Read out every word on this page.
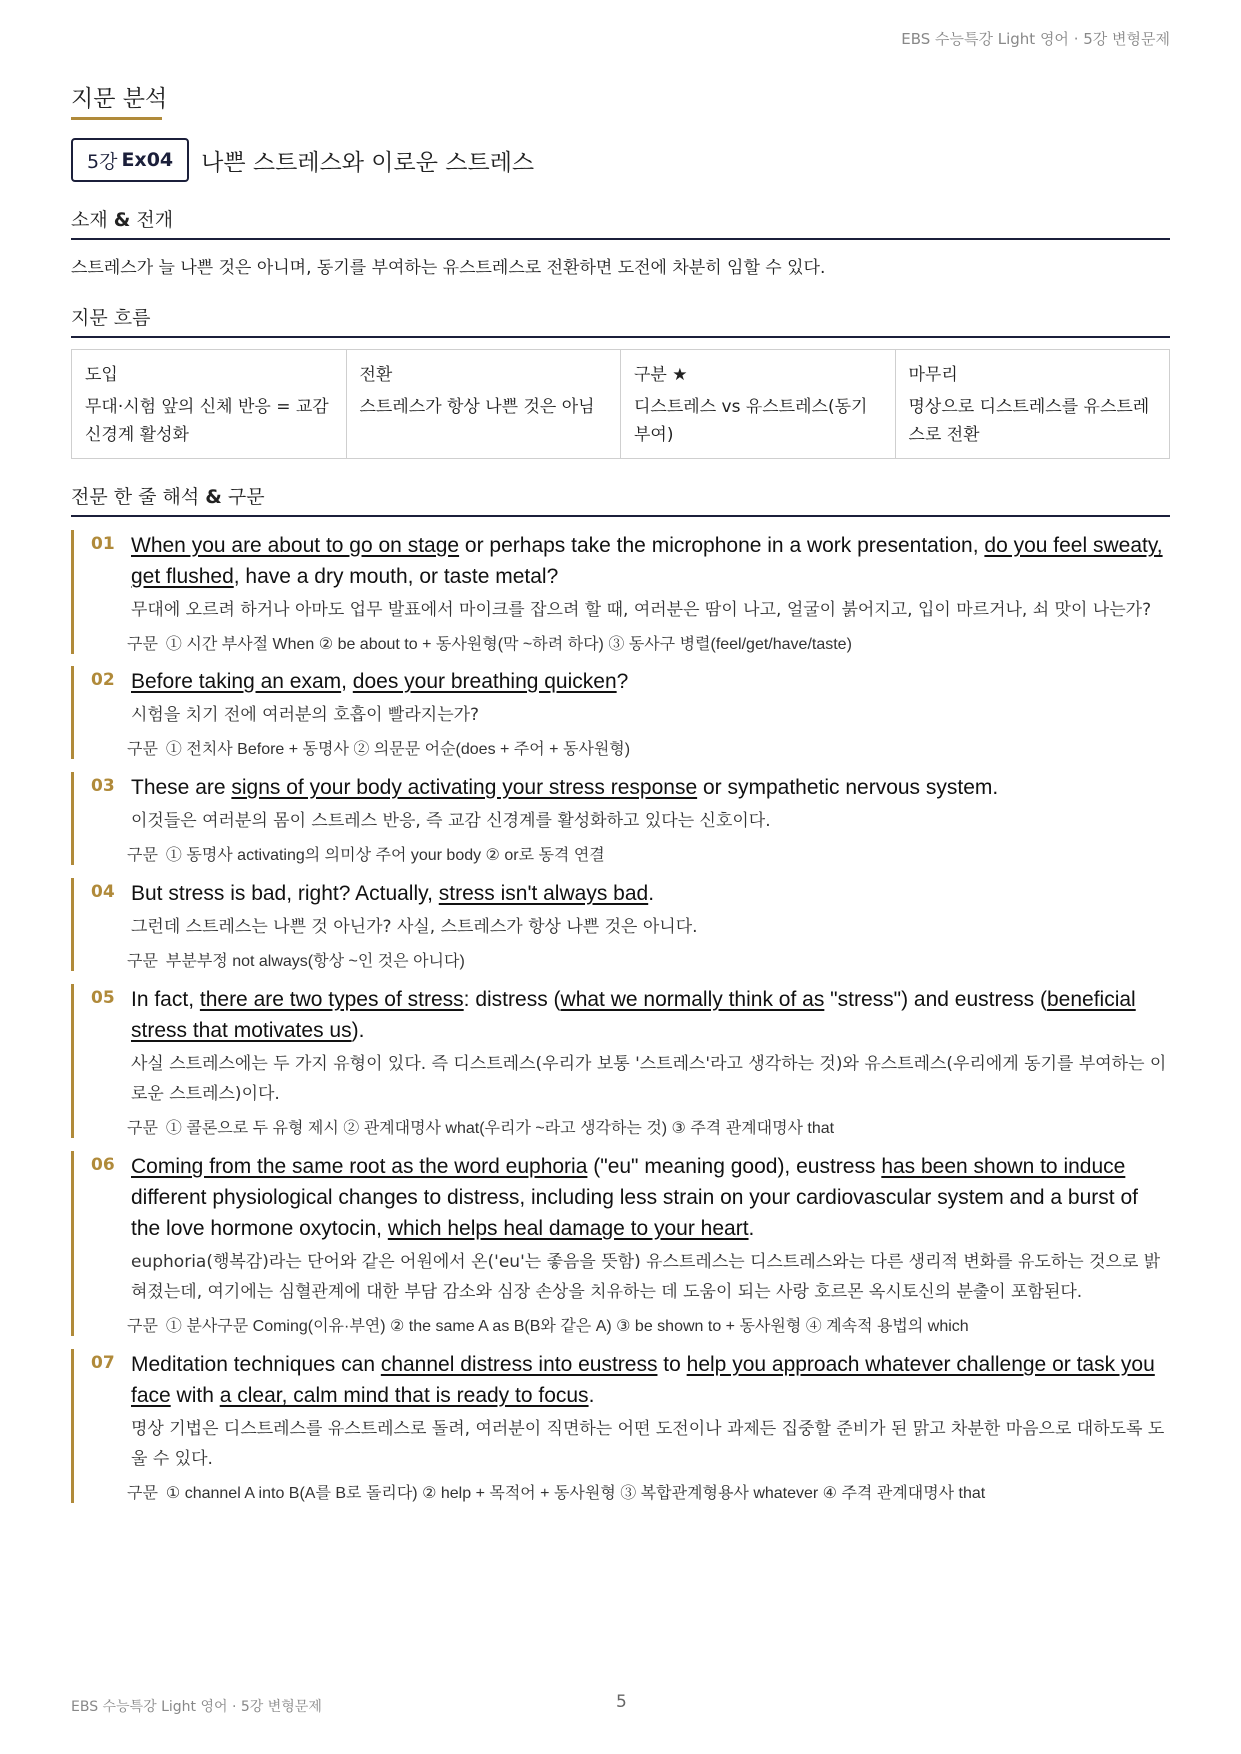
EBS 수능특강 Light 영어 · 5강 변형문제
지문 분석
5강 Ex04 나쁜 스트레스와 이로운 스트레스
소재 & 전개
스트레스가 늘 나쁜 것은 아니며, 동기를 부여하는 유스트레스로 전환하면 도전에 차분히 임할 수 있다.
지문 흐름
도입
무대·시험 앞의 신체 반응 = 교감 신경계 활성화
전환
스트레스가 항상 나쁜 것은 아님
구분 ★
디스트레스 vs 유스트레스(동기 부여)
마무리
명상으로 디스트레스를 유스트레스로 전환
전문 한 줄 해석 & 구문
01 When you are about to go on stage or perhaps take the microphone in a work presentation, do you feel sweaty, get flushed, have a dry mouth, or taste metal?
무대에 오르려 하거나 아마도 업무 발표에서 마이크를 잡으려 할 때, 여러분은 땀이 나고, 얼굴이 붉어지고, 입이 마르거나, 쇠 맛이 나는가?
구문 ① 시간 부사절 When ② be about to + 동사원형(막 ~하려 하다) ③ 동사구 병렬(feel/get/have/taste)
02 Before taking an exam, does your breathing quicken?
시험을 치기 전에 여러분의 호흡이 빨라지는가?
구문 ① 전치사 Before + 동명사 ② 의문문 어순(does + 주어 + 동사원형)
03 These are signs of your body activating your stress response or sympathetic nervous system.
이것들은 여러분의 몸이 스트레스 반응, 즉 교감 신경계를 활성화하고 있다는 신호이다.
구문 ① 동명사 activating의 의미상 주어 your body ② or로 동격 연결
04 But stress is bad, right? Actually, stress isn't always bad.
그런데 스트레스는 나쁜 것 아닌가? 사실, 스트레스가 항상 나쁜 것은 아니다.
구문 부분부정 not always(항상 ~인 것은 아니다)
05 In fact, there are two types of stress: distress (what we normally think of as "stress") and eustress (beneficial stress that motivates us).
사실 스트레스에는 두 가지 유형이 있다. 즉 디스트레스(우리가 보통 '스트레스'라고 생각하는 것)와 유스트레스(우리에게 동기를 부여하는 이로운 스트레스)이다.
구문 ① 콜론으로 두 유형 제시 ② 관계대명사 what(우리가 ~라고 생각하는 것) ③ 주격 관계대명사 that
06 Coming from the same root as the word euphoria ("eu" meaning good), eustress has been shown to induce different physiological changes to distress, including less strain on your cardiovascular system and a burst of the love hormone oxytocin, which helps heal damage to your heart.
euphoria(행복감)라는 단어와 같은 어원에서 온('eu'는 좋음을 뜻함) 유스트레스는 디스트레스와는 다른 생리적 변화를 유도하는 것으로 밝혀졌는데, 여기에는 심혈관계에 대한 부담 감소와 심장 손상을 치유하는 데 도움이 되는 사랑 호르몬 옥시토신의 분출이 포함된다.
구문 ① 분사구문 Coming(이유·부연) ② the same A as B(B와 같은 A) ③ be shown to + 동사원형 ④ 계속적 용법의 which
07 Meditation techniques can channel distress into eustress to help you approach whatever challenge or task you face with a clear, calm mind that is ready to focus.
명상 기법은 디스트레스를 유스트레스로 돌려, 여러분이 직면하는 어떤 도전이나 과제든 집중할 준비가 된 맑고 차분한 마음으로 대하도록 도울 수 있다.
구문 ① channel A into B(A를 B로 돌리다) ② help + 목적어 + 동사원형 ③ 복합관계형용사 whatever ④ 주격 관계대명사 that
EBS 수능특강 Light 영어 · 5강 변형문제	5
